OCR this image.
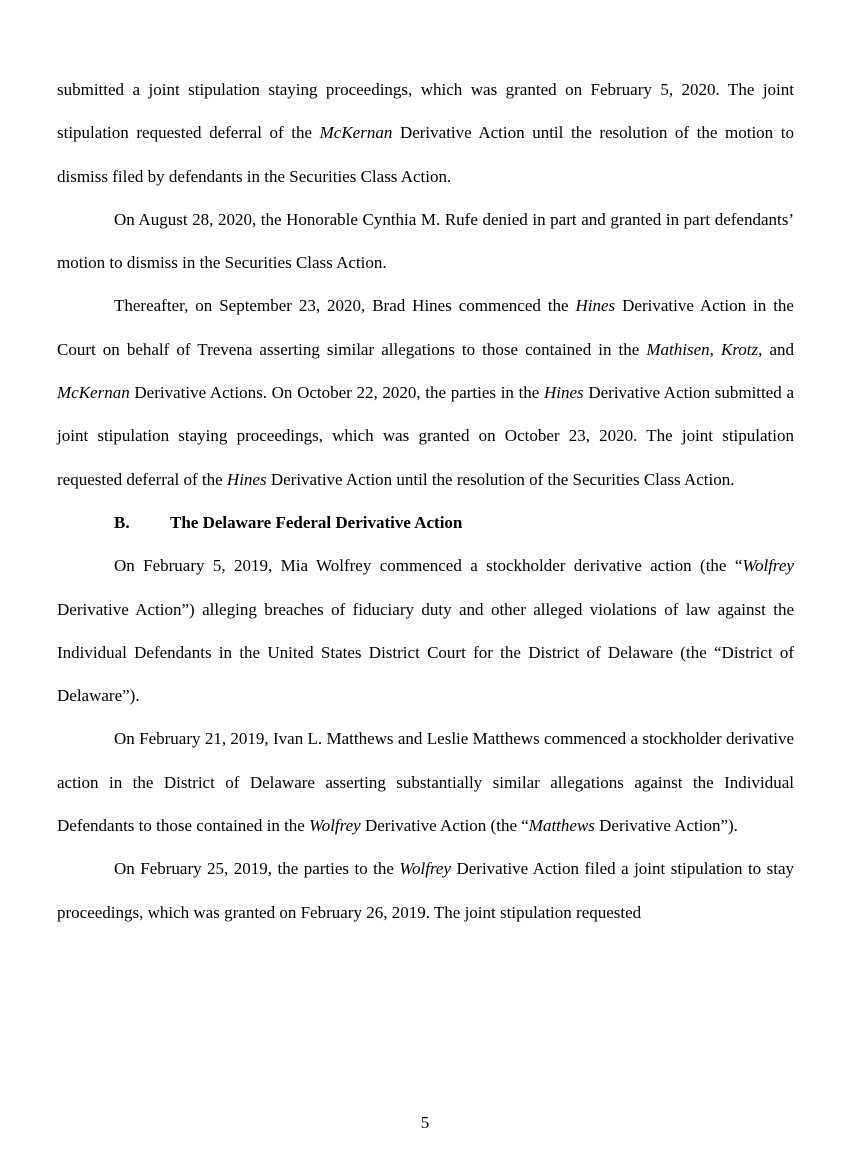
submitted a joint stipulation staying proceedings, which was granted on February 5, 2020. The joint stipulation requested deferral of the McKernan Derivative Action until the resolution of the motion to dismiss filed by defendants in the Securities Class Action.

On August 28, 2020, the Honorable Cynthia M. Rufe denied in part and granted in part defendants’ motion to dismiss in the Securities Class Action.

Thereafter, on September 23, 2020, Brad Hines commenced the Hines Derivative Action in the Court on behalf of Trevena asserting similar allegations to those contained in the Mathisen, Krotz, and McKernan Derivative Actions. On October 22, 2020, the parties in the Hines Derivative Action submitted a joint stipulation staying proceedings, which was granted on October 23, 2020. The joint stipulation requested deferral of the Hines Derivative Action until the resolution of the Securities Class Action.

B. The Delaware Federal Derivative Action

On February 5, 2019, Mia Wolfrey commenced a stockholder derivative action (the “Wolfrey Derivative Action”) alleging breaches of fiduciary duty and other alleged violations of law against the Individual Defendants in the United States District Court for the District of Delaware (the “District of Delaware”).

On February 21, 2019, Ivan L. Matthews and Leslie Matthews commenced a stockholder derivative action in the District of Delaware asserting substantially similar allegations against the Individual Defendants to those contained in the Wolfrey Derivative Action (the “Matthews Derivative Action”).

On February 25, 2019, the parties to the Wolfrey Derivative Action filed a joint stipulation to stay proceedings, which was granted on February 26, 2019. The joint stipulation requested

5
